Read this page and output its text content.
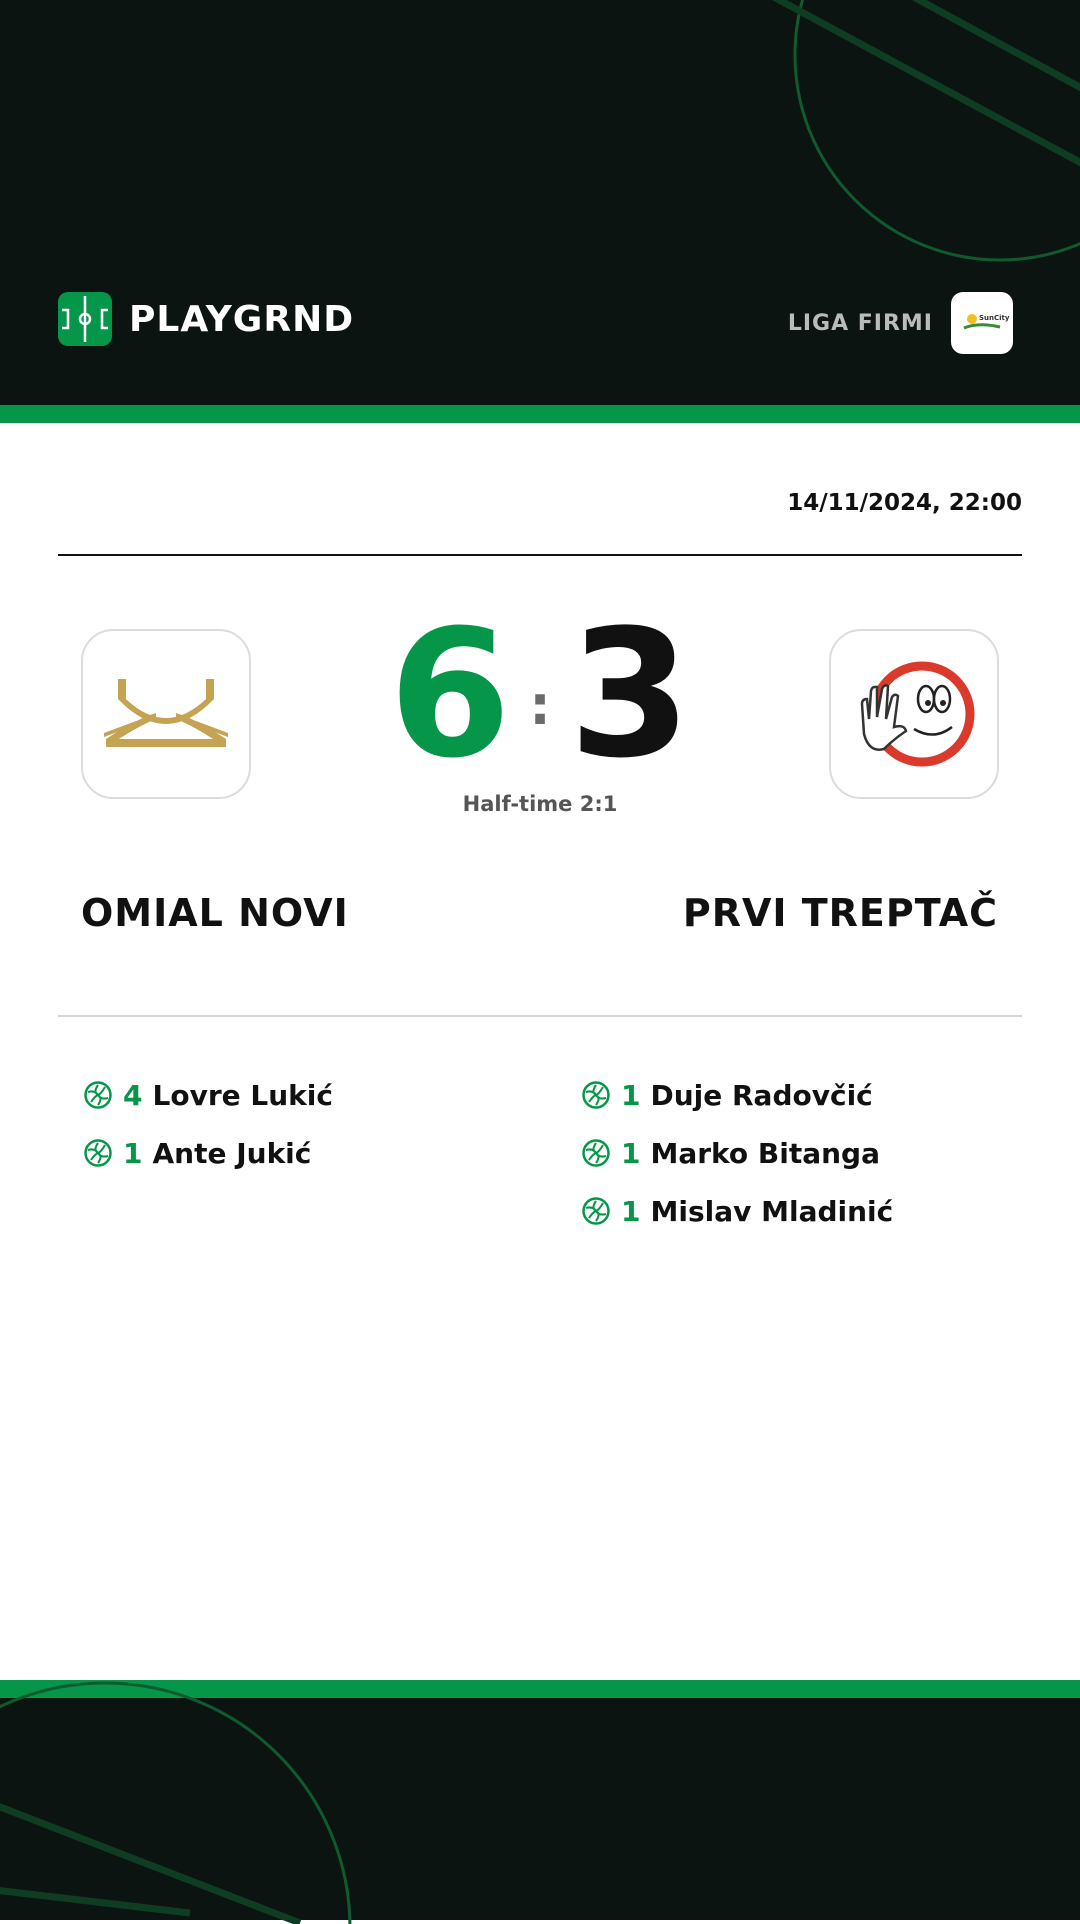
PLAYGRND	LIGA FIRMI	SunCity
14/11/2024, 22:00
6 : 3
Half-time 2:1
OMIAL NOVI	PRVI TREPTAČ
4 Lovre Lukić
1 Ante Jukić
1 Duje Radovčić
1 Marko Bitanga
1 Mislav Mladinić
